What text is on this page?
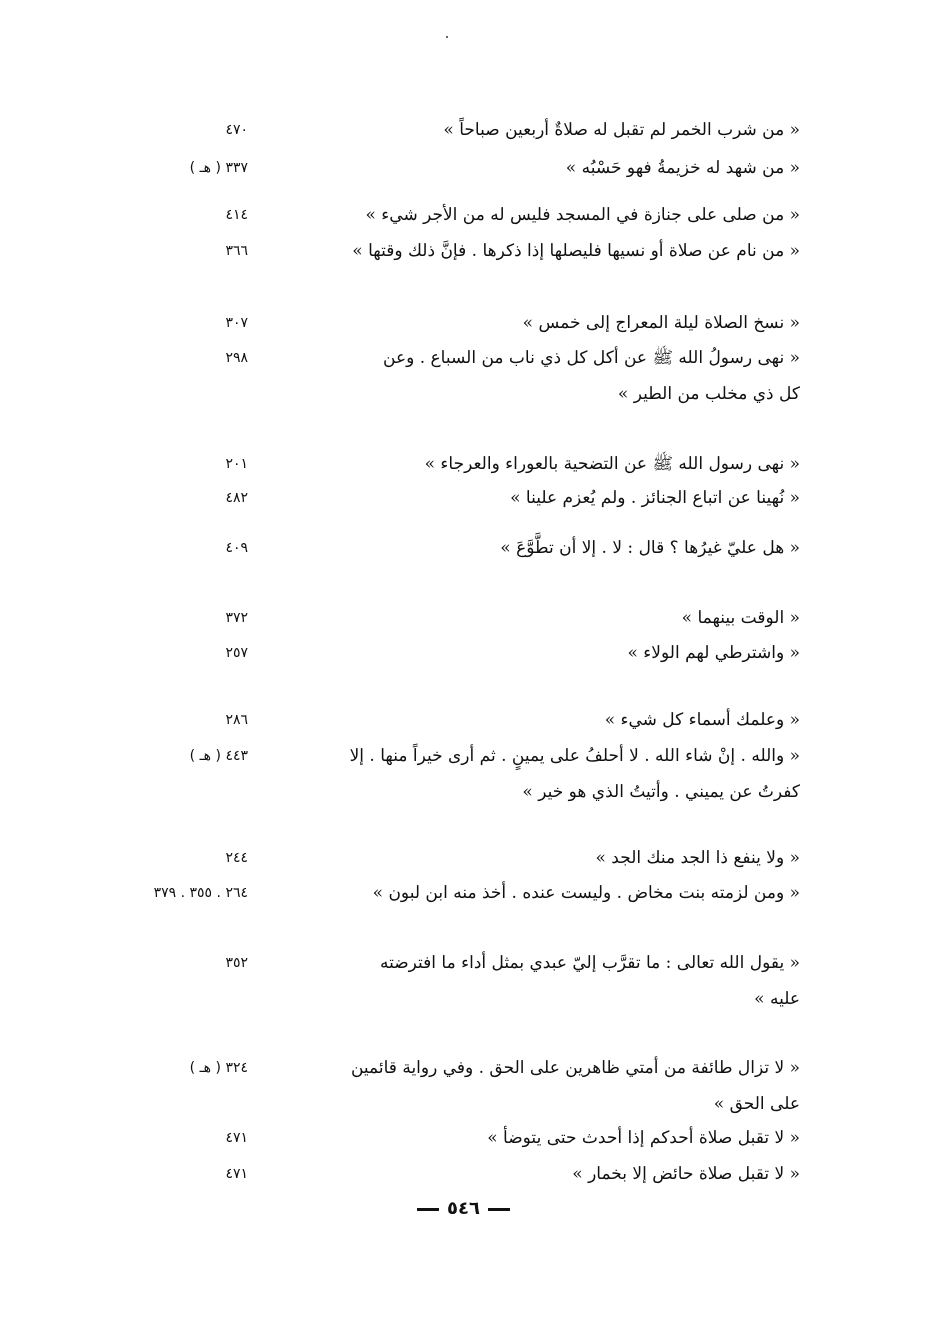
« من شرب الخمر لم تقبل له صلاةٌ أربعين صباحاً »
٤٧٠
« من شهد له خزيمةُ فهو حَسْبُه »
٣٣٧ ( هـ )
« من صلى على جنازة في المسجد فليس له من الأجر شيء »
٤١٤
« من نام عن صلاة أو نسيها فليصلها إذا ذكرها . فإنَّ ذلك وقتها »
٣٦٦
« نسخ الصلاة ليلة المعراج إلى خمس »
٣٠٧
« نهى رسولُ الله ﷺ عن أكل كل ذي ناب من السباع . وعن
٢٩٨
كل ذي مخلب من الطير »
« نهى رسول الله ﷺ عن التضحية بالعوراء والعرجاء »
٢٠١
« نُهينا عن اتباع الجنائز . ولم يُعزم علينا »
٤٨٢
« هل عليّ غيرُها ؟ قال : لا . إلا أن تطَّوَّعَ »
٤٠٩
« الوقت بينهما »
٣٧٢
« واشترطي لهم الولاء »
٢٥٧
« وعلمك أسماء كل شيء »
٢٨٦
« والله . إنْ شاء الله . لا أحلفُ على يمينٍ . ثم أرى خيراً منها . إلا
٤٤٣ ( هـ )
كفرتُ عن يميني . وأتيتُ الذي هو خير »
« ولا ينفع ذا الجد منك الجد »
٢٤٤
« ومن لزمته بنت مخاض . وليست عنده . أخذ منه ابن لبون »
٢٦٤ . ٣٥٥ . ٣٧٩
« يقول الله تعالى : ما تقرَّب إليّ عبدي بمثل أداء ما افترضته
٣٥٢
عليه »
« لا تزال طائفة من أمتي ظاهرين على الحق . وفي رواية قائمين
٣٢٤ ( هـ )
على الحق »
« لا تقبل صلاة أحدكم إذا أحدث حتى يتوضأ »
٤٧١
« لا تقبل صلاة حائض إلا بخمار »
٤٧١
٥٤٦
